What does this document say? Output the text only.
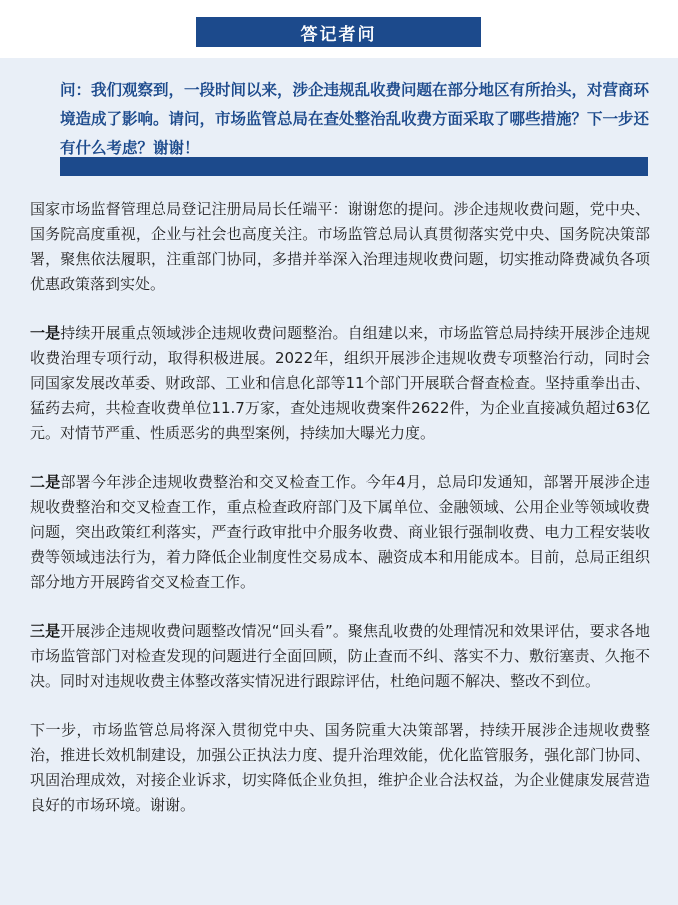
答记者问
问：我们观察到，一段时间以来，涉企违规乱收费问题在部分地区有所抬头，对营商环境造成了影响。请问，市场监管总局在查处整治乱收费方面采取了哪些措施？下一步还有什么考虑？谢谢！

国家市场监督管理总局登记注册局局长任端平：谢谢您的提问。涉企违规收费问题，党中央、国务院高度重视，企业与社会也高度关注。市场监管总局认真贯彻落实党中央、国务院决策部署，聚焦依法履职，注重部门协同，多措并举深入治理违规收费问题，切实推动降费减负各项优惠政策落到实处。

一是持续开展重点领域涉企违规收费问题整治。自组建以来，市场监管总局持续开展涉企违规收费治理专项行动，取得积极进展。2022年，组织开展涉企违规收费专项整治行动，同时会同国家发展改革委、财政部、工业和信息化部等11个部门开展联合督查检查。坚持重拳出击、猛药去疴，共检查收费单位11.7万家，查处违规收费案件2622件，为企业直接减负超过63亿元。对情节严重、性质恶劣的典型案例，持续加大曝光力度。

二是部署今年涉企违规收费整治和交叉检查工作。今年4月，总局印发通知，部署开展涉企违规收费整治和交叉检查工作，重点检查政府部门及下属单位、金融领域、公用企业等领域收费问题，突出政策红利落实，严查行政审批中介服务收费、商业银行强制收费、电力工程安装收费等领域违法行为，着力降低企业制度性交易成本、融资成本和用能成本。目前，总局正组织部分地方开展跨省交叉检查工作。

三是开展涉企违规收费问题整改情况“回头看”。聚焦乱收费的处理情况和效果评估，要求各地市场监管部门对检查发现的问题进行全面回顾，防止查而不纠、落实不力、敷衍塞责、久拖不决。同时对违规收费主体整改落实情况进行跟踪评估，杜绝问题不解决、整改不到位。

下一步，市场监管总局将深入贯彻党中央、国务院重大决策部署，持续开展涉企违规收费整治，推进长效机制建设，加强公正执法力度、提升治理效能，优化监管服务，强化部门协同、巩固治理成效，对接企业诉求，切实降低企业负担，维护企业合法权益，为企业健康发展营造良好的市场环境。谢谢。
